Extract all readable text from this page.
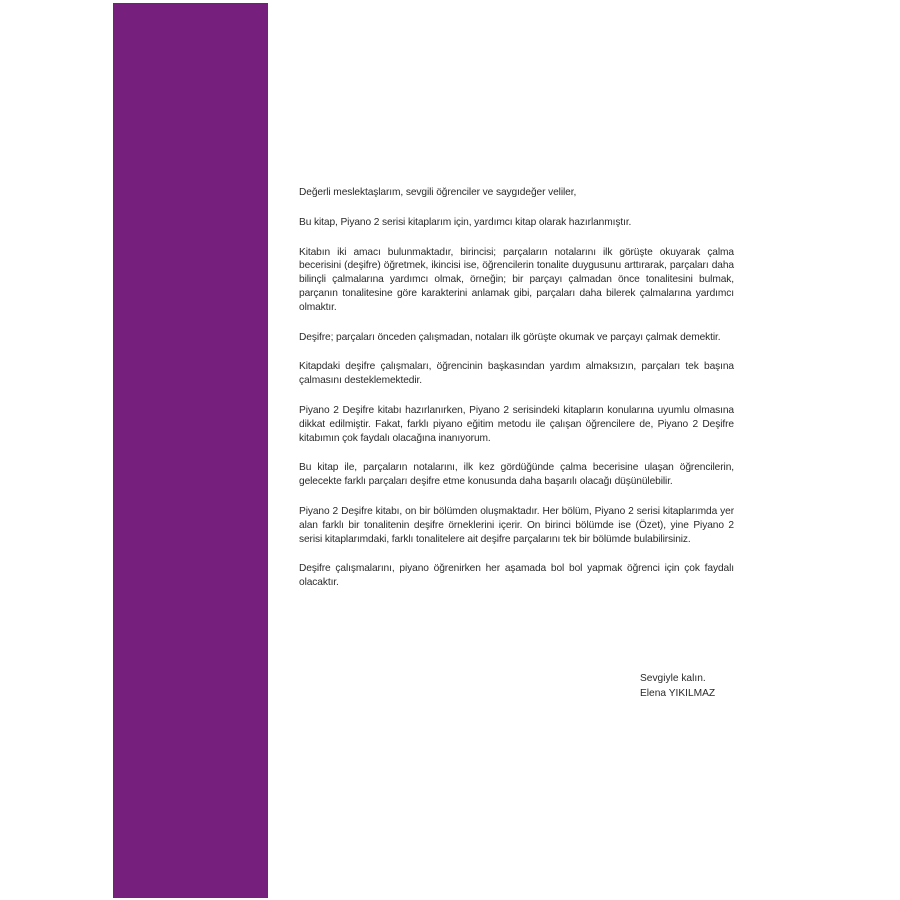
Değerli meslektaşlarım, sevgili öğrenciler ve saygıdeğer veliler,

Bu kitap, Piyano 2 serisi kitaplarım için, yardımcı kitap olarak hazırlanmıştır.

Kitabın iki amacı bulunmaktadır, birincisi; parçaların notalarını ilk görüşte okuyarak çalma becerisini (deşifre) öğretmek, ikincisi ise, öğrencilerin tonalite duygusunu arttırarak, parçaları daha bilinçli çalmalarına yardımcı olmak, örneğin; bir parçayı çalmadan önce tonalitesini bulmak, parçanın tonalitesine göre karakterini anlamak gibi, parçaları daha bilerek çalmalarına yardımcı olmaktır.

Deşifre; parçaları önceden çalışmadan, notaları ilk görüşte okumak ve parçayı çalmak demektir.

Kitapdaki deşifre çalışmaları, öğrencinin başkasından yardım almaksızın, parçaları tek başına çalmasını desteklemektedir.

Piyano 2 Deşifre kitabı hazırlanırken, Piyano 2 serisindeki kitapların konularına uyumlu olmasına dikkat edilmiştir. Fakat, farklı piyano eğitim metodu ile çalışan öğrencilere de, Piyano 2 Deşifre kitabımın çok faydalı olacağına inanıyorum.

Bu kitap ile, parçaların notalarını, ilk kez gördüğünde çalma becerisine ulaşan öğrencilerin, gelecekte farklı parçaları deşifre etme konusunda daha başarılı olacağı düşünülebilir.

Piyano 2 Deşifre kitabı, on bir bölümden oluşmaktadır. Her bölüm, Piyano 2 serisi kitaplarımda yer alan farklı bir tonalitenin deşifre örneklerini içerir. On birinci bölümde ise (Özet), yine Piyano 2 serisi kitaplarımdaki, farklı tonalitelere ait deşifre parçalarını tek bir bölümde bulabilirsiniz.

Deşifre çalışmalarını, piyano öğrenirken her aşamada bol bol yapmak öğrenci için çok faydalı olacaktır.

Sevgiyle kalın.
Elena YIKILMAZ
